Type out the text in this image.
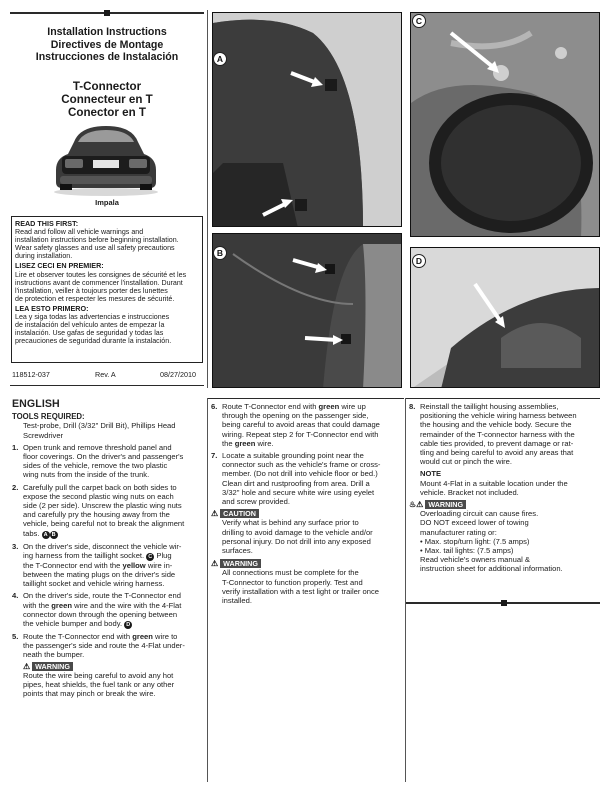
Installation Instructions
Directives de Montage
Instrucciones de Instalación
T-Connector
Connecteur en T
Conector en T
Impala
READ THIS FIRST:

Read and follow all vehicle warnings and

installation instructions before beginning installation.

Wear safety glasses and use all safety precautions

during installation.

LISEZ CECI EN PREMIER:

Lire et observer toutes les consignes de sécurité et les

instructions avant de commencer l'installation. Durant

l'installation, veiller à toujours porter des lunettes

de protection et respecter les mesures de sécurité.

LEA ESTO PRIMERO:

Lea y siga todas las advertencias e instrucciones

de instalación del vehículo antes de empezar la

instalación. Use gafas de seguridad y todas las

precauciones de seguridad durante la instalación.

118512-037	Rev. A	08/27/2010
A
B
C
D
ENGLISH
TOOLS REQUIRED:
Test-probe, Drill (3/32" Drill Bit), Phillips Head
Screwdriver
1. Open trunk and remove threshold panel and
floor coverings. On the driver's and passenger's
sides of the vehicle, remove the two plastic
wing nuts from the inside of the trunk.
2. Carefully pull the carpet back on both sides to
expose the second plastic wing nuts on each
side (2 per side). Unscrew the plastic wing nuts
and carefully pry the housing away from the
vehicle, being careful not to break the alignment
tabs. A B
3. On the driver's side, disconnect the vehicle wir-
ing harness from the taillight socket. C Plug
the T-Connector end with the yellow wire in-
between the mating plugs on the driver's side
taillight socket and vehicle wiring harness.
4. On the driver's side, route the T-Connector end
with the green wire and the wire with the 4-Flat
connector down through the opening between
the vehicle bumper and body. D
5. Route the T-Connector end with green wire to
the passenger's side and route the 4-Flat under-
neath the bumper.
⚠ WARNING
Route the wire being careful to avoid any hot
pipes, heat shields, the fuel tank or any other
points that may pinch or break the wire.
6. Route T-Connector end with green wire up
through the opening on the passenger side,
being careful to avoid areas that could damage
wiring. Repeat step 2 for T-Connector end with
the green wire.
7. Locate a suitable grounding point near the
connector such as the vehicle's frame or cross-
member. (Do not drill into vehicle floor or bed.)
Clean dirt and rustproofing from area. Drill a
3/32" hole and secure white wire using eyelet
and screw provided.
⚠ CAUTION
Verify what is behind any surface prior to
drilling to avoid damage to the vehicle and/or
personal injury. Do not drill into any exposed
surfaces.
⚠ WARNING
All connections must be complete for the
T-Connector to function properly. Test and
verify installation with a test light or trailer once
installed.
8. Reinstall the taillight housing assemblies,
positioning the vehicle wiring harness between
the housing and the vehicle body. Secure the
remainder of the T-connector harness with the
cable ties provided, to prevent damage or rat-
tling and being careful to avoid any areas that
would cut or pinch the wire.
NOTE
Mount 4-Flat in a suitable location under the
vehicle. Bracket not included.
♨⚠ WARNING
Overloading circuit can cause fires.
DO NOT exceed lower of towing
manufacturer rating or:
• Max. stop/turn light: (7.5 amps)
• Max. tail lights: (7.5 amps)
Read vehicle's owners manual &
instruction sheet for additional information.
